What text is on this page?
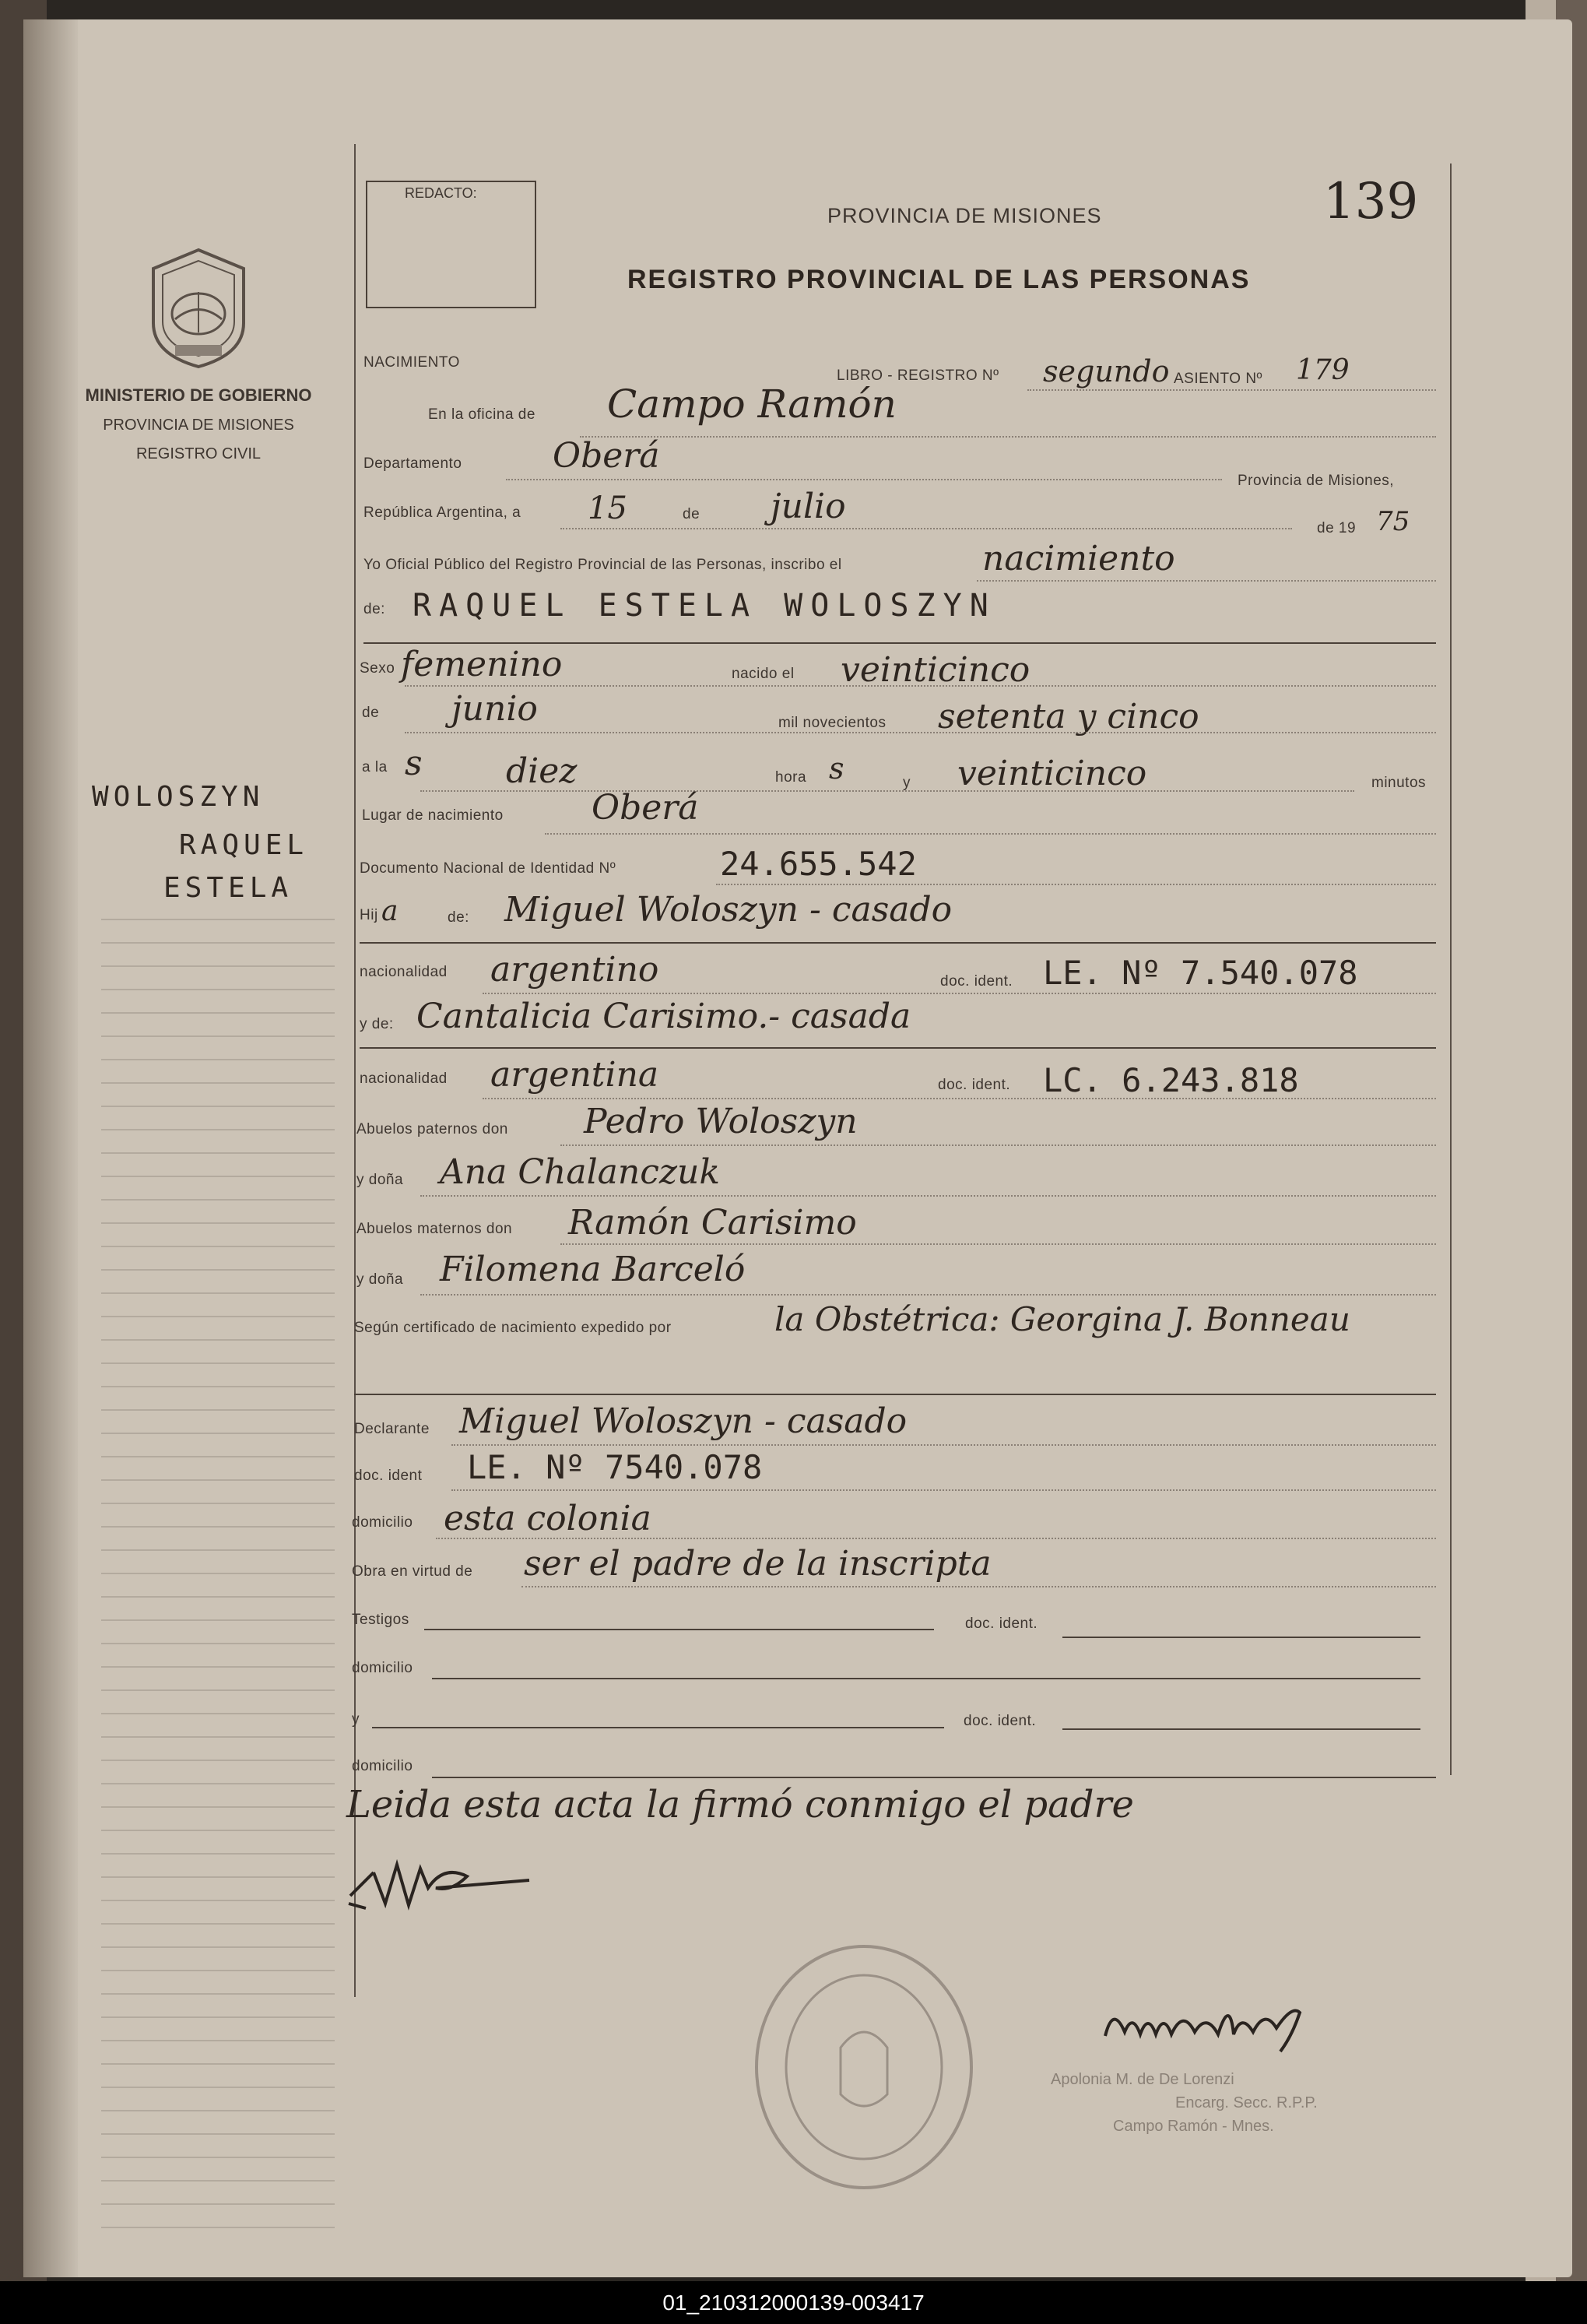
REDACTO:	139
PROVINCIA DE MISIONES
REGISTRO PROVINCIAL DE LAS PERSONAS
MINISTERIO DE GOBIERNO
PROVINCIA DE MISIONES
REGISTRO CIVIL
WOLOSZYN
RAQUEL
ESTELA
NACIMIENTO
LIBRO - REGISTRO Nº segundo ASIENTO Nº 179
En la oficina de Campo Ramón
Departamento	Oberá
Provincia de Misiones,
República Argentina, a 15	de julio
de 19 75
Yo Oficial Público del Registro Provincial de las Personas, inscribo el	nacimiento
de: RAQUEL ESTELA WOLOSZYN
Sexo femenino	nacido el veinticinco
de junio	mil novecientos setenta y cinco
a la s diez	hora s	y veinticinco	minutos
Lugar de nacimiento	Oberá
Documento Nacional de Identidad Nº	24.655.542
Hij a	de: Miguel Woloszyn - casado
nacionalidad argentino	doc. ident. LE. Nº 7.540.078
y de: Cantalicia Carisimo.- casada
nacionalidad argentina	doc. ident. LC. 6.243.818
Abuelos paternos don Pedro Woloszyn
y doña Ana Chalanczuk
Abuelos maternos don Ramón Carisimo
y doña Filomena Barceló
Según certificado de nacimiento expedido por	la Obstétrica: Georgina J. Bonneau
Declarante Miguel Woloszyn - casado
doc. ident LE. Nº 7540.078
domicilio esta colonia
Obra en virtud de ser el padre de la inscripta
Testigos	doc. ident.
domicilio
y	doc. ident.
domicilio
Leida esta acta la firmó conmigo el padre
Apolonia M. de De Lorenzi
Encarg. Secc. R.P.P.
Campo Ramón - Mnes.
01_210312000139-003417
